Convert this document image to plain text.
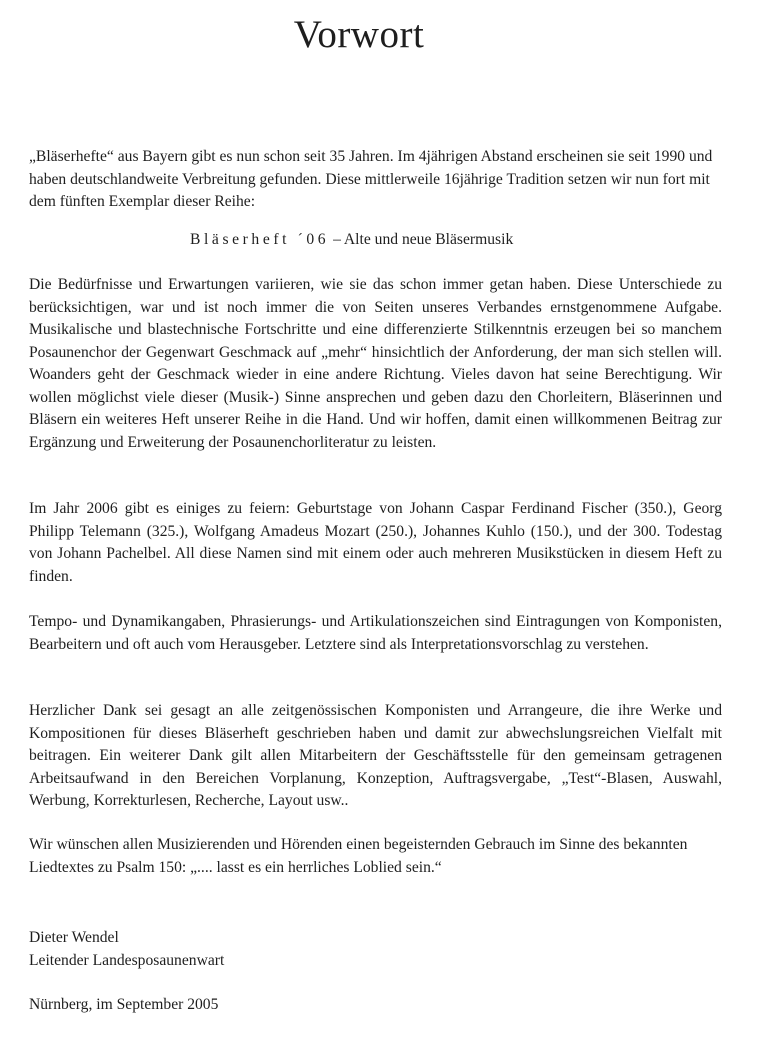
Vorwort

„Bläserhefte“ aus Bayern gibt es nun schon seit 35 Jahren. Im 4jährigen Abstand erscheinen sie seit 1990 und haben deutschlandweite Verbreitung gefunden. Diese mittlerweile 16jährige Tradition setzen wir nun fort mit dem fünften Exemplar dieser Reihe:

Bläserheft ´06 – Alte und neue Bläsermusik

Die Bedürfnisse und Erwartungen variieren, wie sie das schon immer getan haben. Diese Unterschiede zu berücksichtigen, war und ist noch immer die von Seiten unseres Verbandes ernstgenommene Aufgabe. Musikalische und blastechnische Fortschritte und eine differenzierte Stilkenntnis erzeugen bei so manchem Posaunenchor der Gegenwart Geschmack auf „mehr“ hinsichtlich der Anforderung, der man sich stellen will. Woanders geht der Geschmack wieder in eine andere Richtung. Vieles davon hat seine Berechtigung. Wir wollen möglichst viele dieser (Musik-) Sinne ansprechen und geben dazu den Chorleitern, Bläserinnen und Bläsern ein weiteres Heft unserer Reihe in die Hand. Und wir hoffen, damit einen willkommenen Beitrag zur Ergänzung und Erweiterung der Posaunenchorliteratur zu leisten.

Im Jahr 2006 gibt es einiges zu feiern: Geburtstage von Johann Caspar Ferdinand Fischer (350.), Georg Philipp Telemann (325.), Wolfgang Amadeus Mozart (250.), Johannes Kuhlo (150.), und der 300. Todestag von Johann Pachelbel. All diese Namen sind mit einem oder auch mehreren Musikstücken in diesem Heft zu finden.

Tempo- und Dynamikangaben, Phrasierungs- und Artikulationszeichen sind Eintragungen von Komponisten, Bearbeitern und oft auch vom Herausgeber. Letztere sind als Interpretationsvorschlag zu verstehen.

Herzlicher Dank sei gesagt an alle zeitgenössischen Komponisten und Arrangeure, die ihre Werke und Kompositionen für dieses Bläserheft geschrieben haben und damit zur abwechslungsreichen Vielfalt mit beitragen. Ein weiterer Dank gilt allen Mitarbeitern der Geschäftsstelle für den gemeinsam getragenen Arbeitsaufwand in den Bereichen Vorplanung, Konzeption, Auftragsvergabe, „Test“-Blasen, Auswahl, Werbung, Korrekturlesen, Recherche, Layout usw..

Wir wünschen allen Musizierenden und Hörenden einen begeisternden Gebrauch im Sinne des bekannten Liedtextes zu Psalm 150: „.... lasst es ein herrliches Loblied sein.“

Dieter Wendel
Leitender Landesposaunenwart
Nürnberg, im September 2005
